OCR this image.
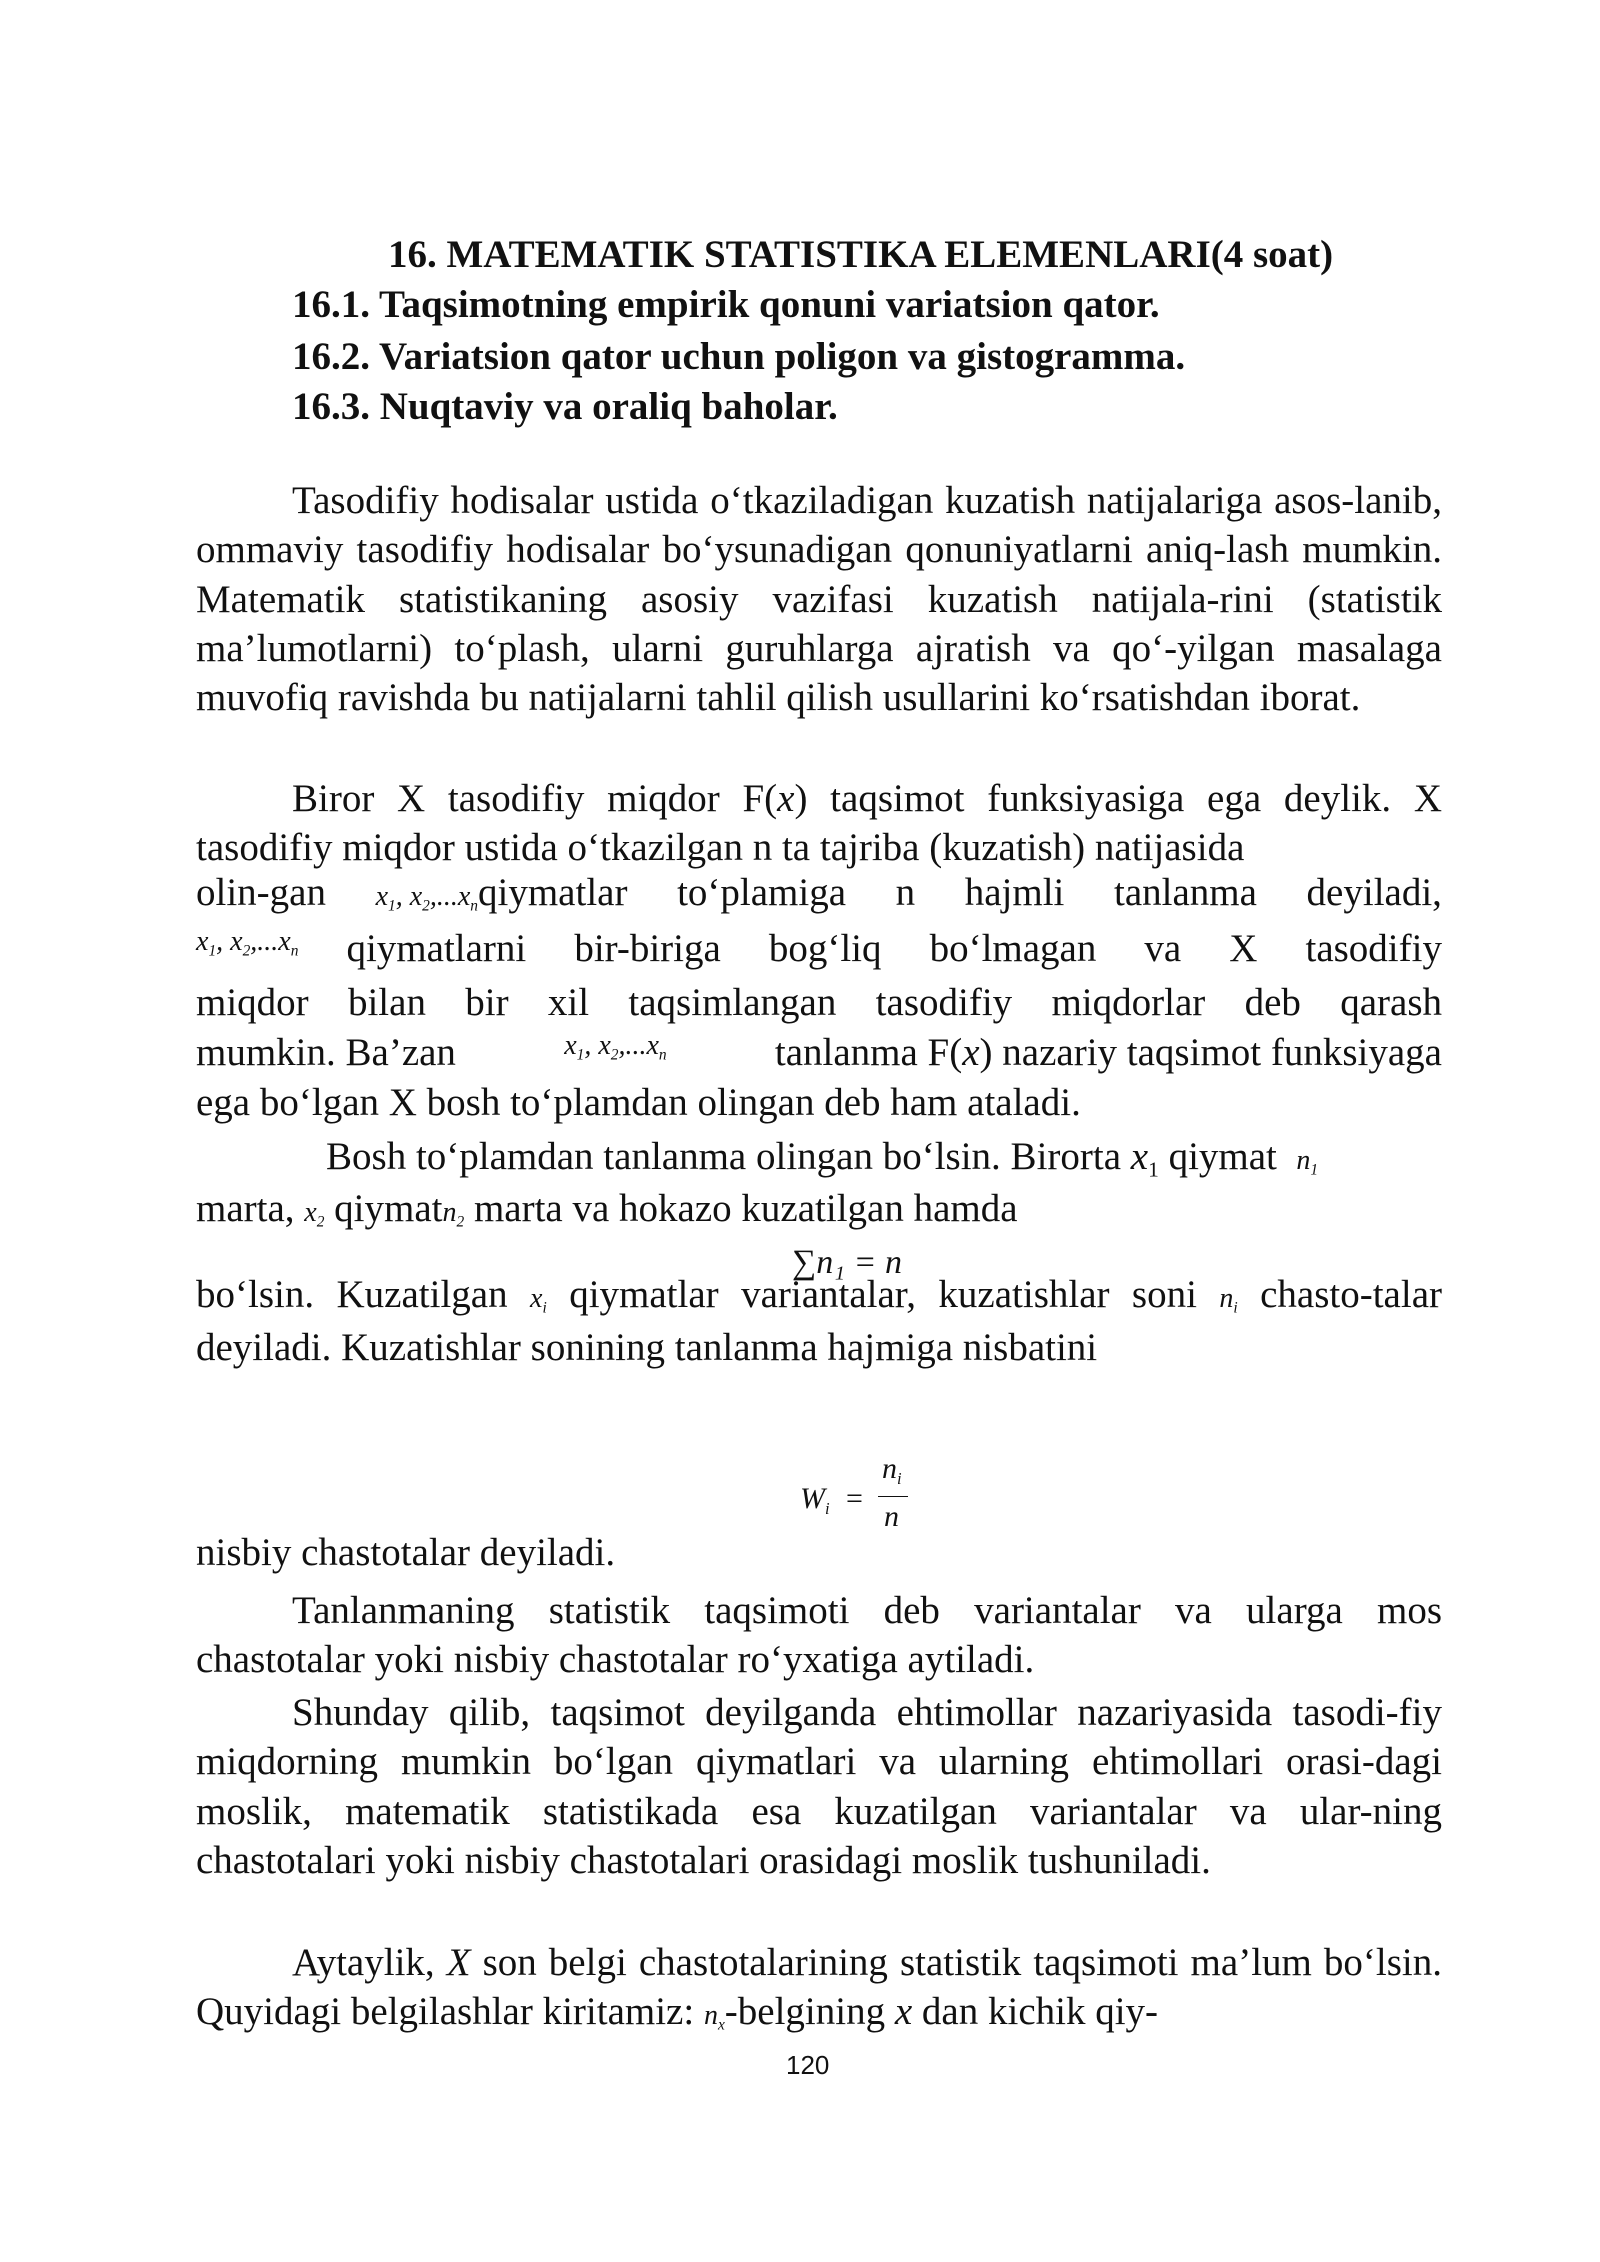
16. MATEMATIK STATISTIKA ELEMENLARI(4 soat)
16.1. Taqsimotning empirik qonuni variatsion qator.
16.2. Variatsion qator uchun poligon va gistogramma.
16.3. Nuqtaviy va oraliq baholar.
Tasodifiy hodisalar ustida o‘tkaziladigan kuzatish natijalariga asos-lanib, ommaviy tasodifiy hodisalar bo‘ysunadigan qonuniyatlarni aniq-lash mumkin. Matematik statistikaning asosiy vazifasi kuzatish natijala-rini (statistik ma’lumotlarni) to‘plash, ularni guruhlarga ajratish va qo‘-yilgan masalaga muvofiq ravishda bu natijalarni tahlil qilish usullarini ko‘rsatishdan iborat.
Biror X tasodifiy miqdor F(x) taqsimot funksiyasiga ega deylik. X tasodifiy miqdor ustida o‘tkazilgan n ta tajriba (kuzatish) natijasida
olin-gan $x_1$, $x_2,...x_nqiymatlar$ to‘plamiga n hajmli tanlanma deyiladi,
$x_1$, $x_2,...x_n$ qiymatlarni bir-biriga bog‘liq bo‘lmagan va X tasodifiy
miqdor bilan bir xil taqsimlangan tasodifiy miqdorlar deb qarash
mumkin. Ba’zan	$x_1$, $x_2,...x_n$	tanlanma F(x) nazariy taqsimot funksiyaga
ega bo‘lgan X bosh to‘plamdan olingan deb ham ataladi.
Bosh to‘plamdan tanlanma olingan bo‘lsin. Birorta $x_1$ qiymat $n_1$
marta, $x_2$ qiymatn$_2$ marta va hokazo kuzatilgan hamda
∑n₁ = n
bo‘lsin. Kuzatilgan $x_i$ qiymatlar variantalar, kuzatishlar soni $n_i$ chasto-talar deyiladi. Kuzatishlar sonining tanlanma hajmiga nisbatini
$W_i$ =
$n_i$
n
nisbiy chastotalar deyiladi.
Tanlanmaning statistik taqsimoti deb variantalar va ularga mos chastotalar yoki nisbiy chastotalar ro‘yxatiga aytiladi.
Shunday qilib, taqsimot deyilganda ehtimollar nazariyasida tasodi-fiy miqdorning mumkin bo‘lgan qiymatlari va ularning ehtimollari orasi-dagi moslik, matematik statistikada esa kuzatilgan variantalar va ular-ning chastotalari yoki nisbiy chastotalari orasidagi moslik tushuniladi.
Aytaylik, X son belgi chastotalarining statistik taqsimoti ma’lum bo‘lsin. Quyidagi belgilashlar kiritamiz: $n_x$-belgining x dan kichik qiy-
120
